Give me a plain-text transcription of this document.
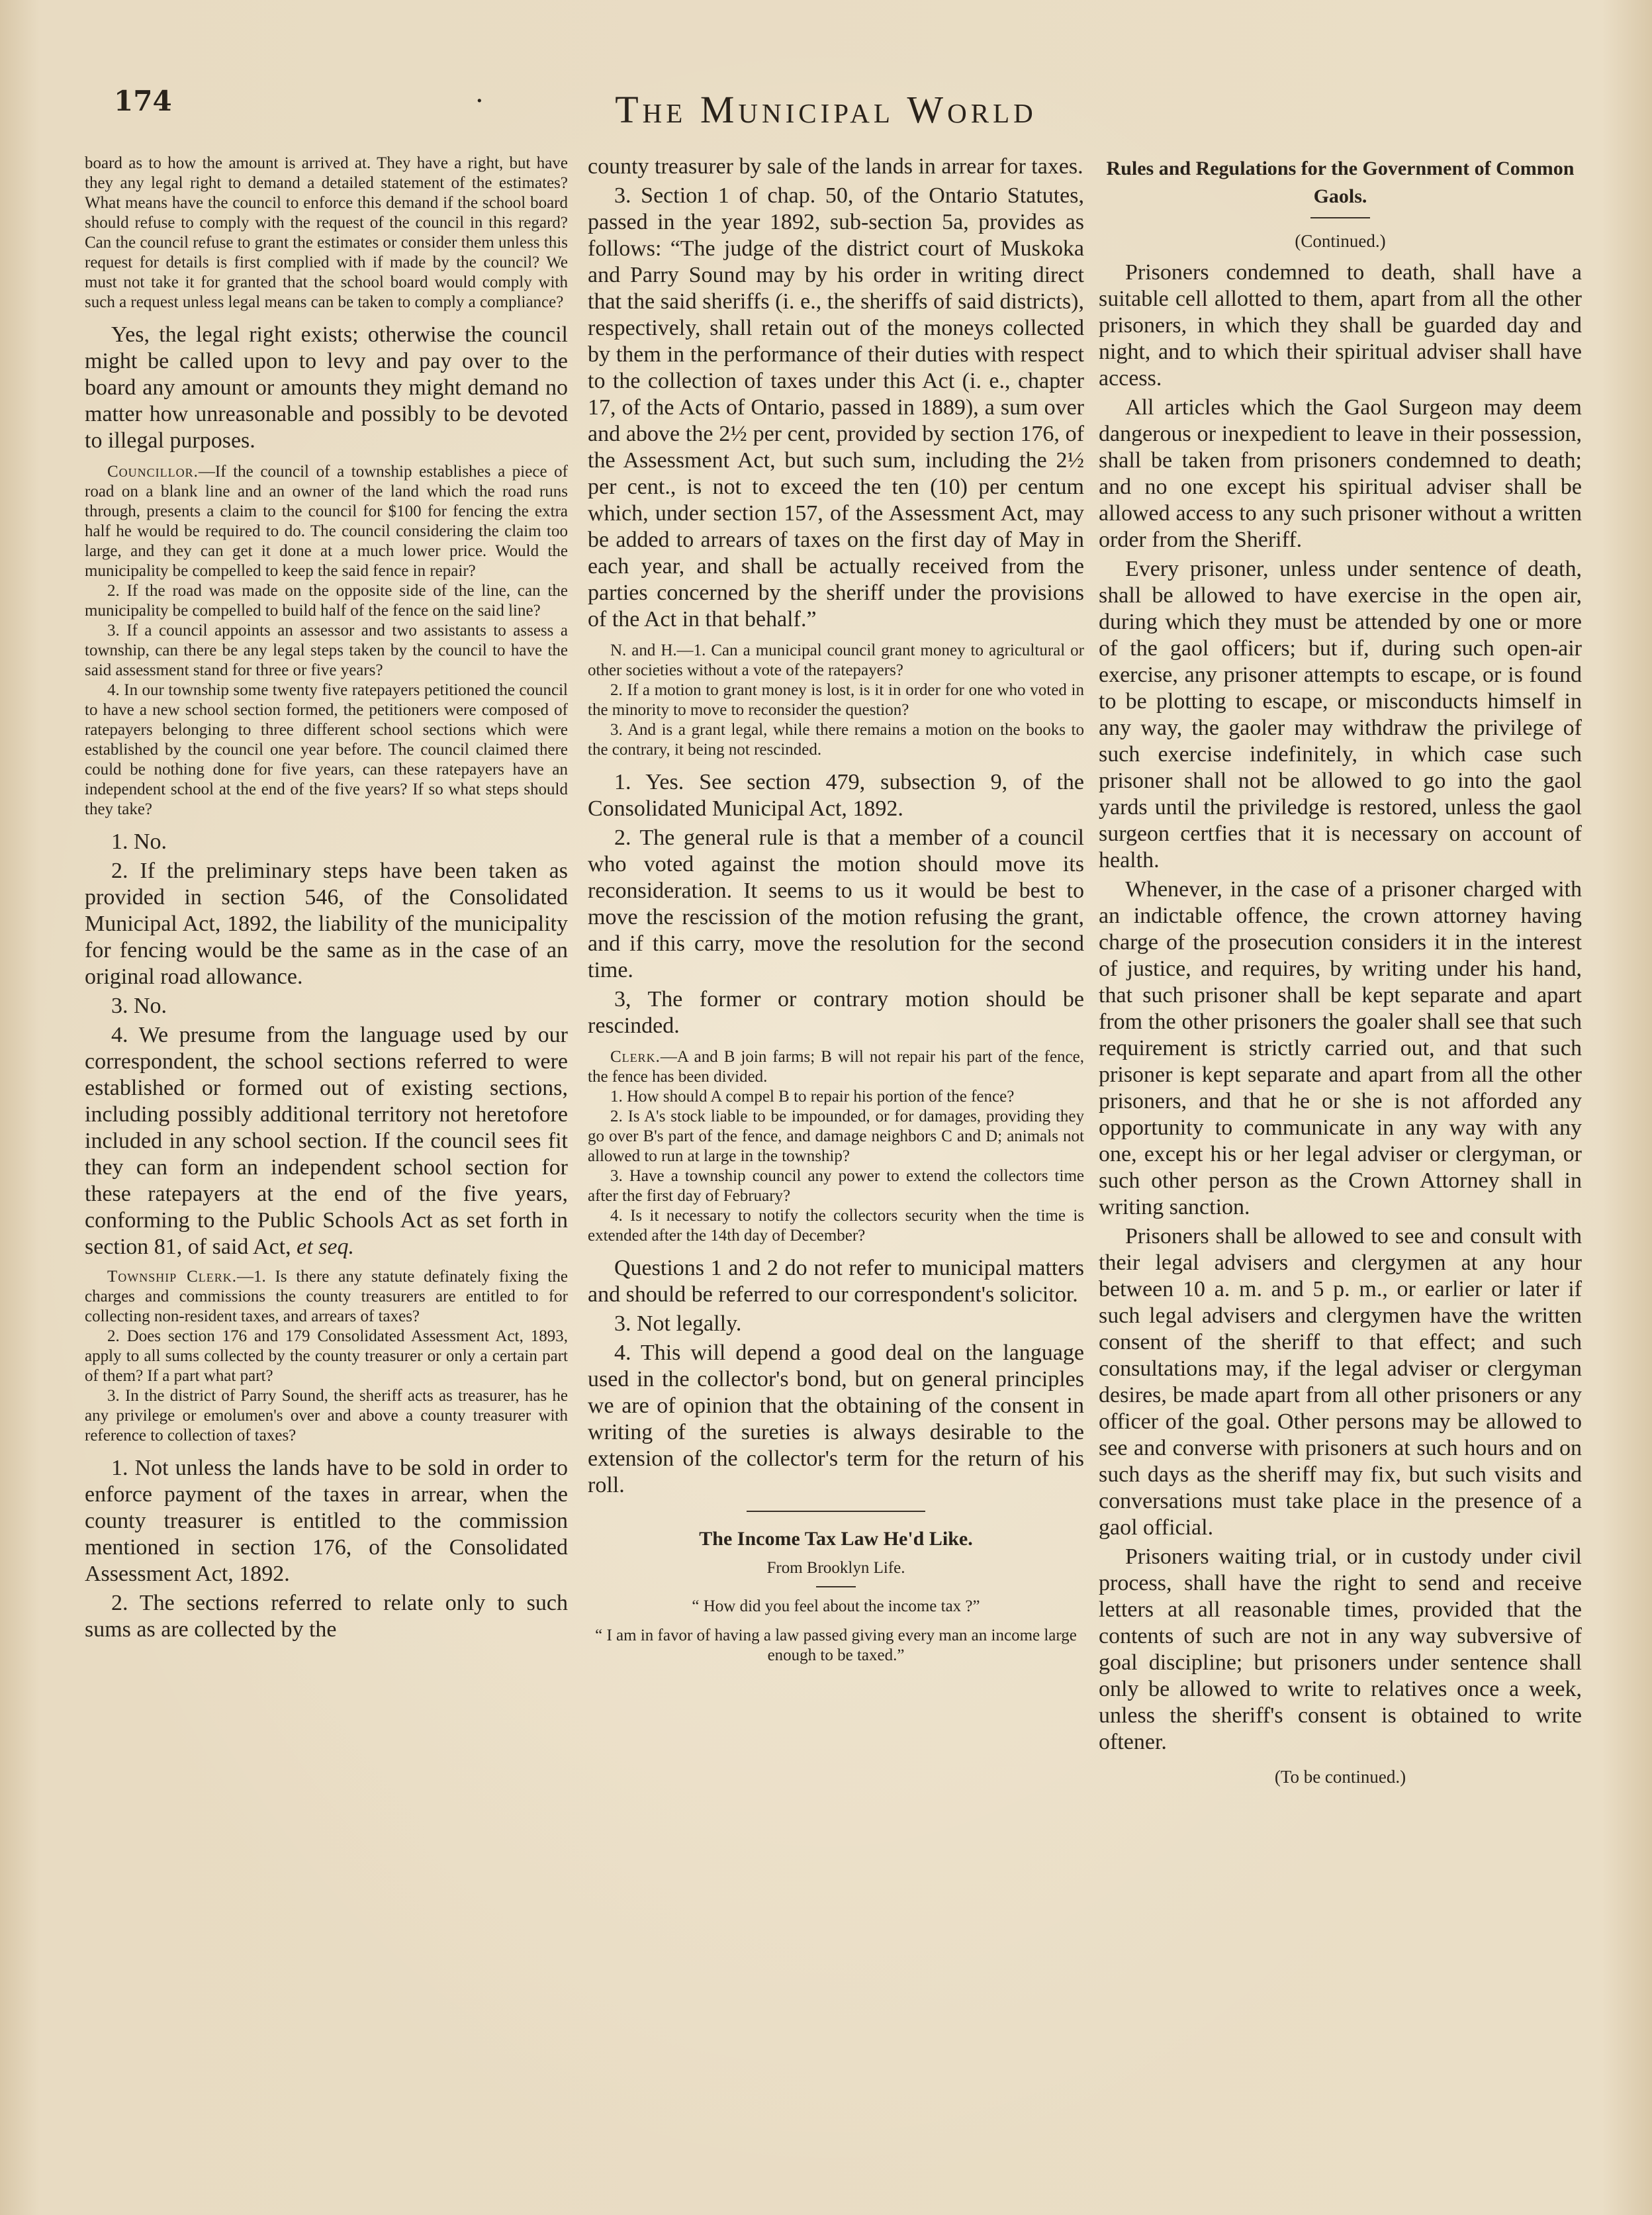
174	·	The Municipal World

board as to how the amount is arrived at. They have a right, but have they any legal right to demand a detailed statement of the estimates? What means have the council to enforce this demand if the school board should refuse to comply with the request of the council in this regard? Can the council refuse to grant the estimates or consider them unless this request for details is first complied with if made by the council? We must not take it for granted that the school board would comply with such a request unless legal means can be taken to comply a compliance?

Yes, the legal right exists; otherwise the council might be called upon to levy and pay over to the board any amount or amounts they might demand no matter how unreasonable and possibly to be devoted to illegal purposes.

Councillor.—If the council of a township establishes a piece of road on a blank line and an owner of the land which the road runs through, presents a claim to the council for $100 for fencing the extra half he would be required to do. The council considering the claim too large, and they can get it done at a much lower price. Would the municipality be compelled to keep the said fence in repair?

2. If the road was made on the opposite side of the line, can the municipality be compelled to build half of the fence on the said line?

3. If a council appoints an assessor and two assistants to assess a township, can there be any legal steps taken by the council to have the said assessment stand for three or five years?

4. In our township some twenty five ratepayers petitioned the council to have a new school section formed, the petitioners were composed of ratepayers belonging to three different school sections which were established by the council one year before. The council claimed there could be nothing done for five years, can these ratepayers have an independent school at the end of the five years? If so what steps should they take?

1. No.

2. If the preliminary steps have been taken as provided in section 546, of the Consolidated Municipal Act, 1892, the liability of the municipality for fencing would be the same as in the case of an original road allowance.

3. No.

4. We presume from the language used by our correspondent, the school sections referred to were established or formed out of existing sections, including possibly additional territory not heretofore included in any school section. If the council sees fit they can form an independent school section for these ratepayers at the end of the five years, conforming to the Public Schools Act as set forth in section 81, of said Act, et seq.

Township Clerk.—1. Is there any statute definately fixing the charges and commissions the county treasurers are entitled to for collecting non-resident taxes, and arrears of taxes?

2. Does section 176 and 179 Consolidated Assessment Act, 1893, apply to all sums collected by the county treasurer or only a certain part of them? If a part what part?

3. In the district of Parry Sound, the sheriff acts as treasurer, has he any privilege or emolumen's over and above a county treasurer with reference to collection of taxes?

1. Not unless the lands have to be sold in order to enforce payment of the taxes in arrear, when the county treasurer is entitled to the commission mentioned in section 176, of the Consolidated Assessment Act, 1892.

2. The sections referred to relate only to such sums as are collected by the

county treasurer by sale of the lands in arrear for taxes.

3. Section 1 of chap. 50, of the Ontario Statutes, passed in the year 1892, sub-section 5a, provides as follows: “The judge of the district court of Muskoka and Parry Sound may by his order in writing direct that the said sheriffs (i. e., the sheriffs of said districts), respectively, shall retain out of the moneys collected by them in the performance of their duties with respect to the collection of taxes under this Act (i. e., chapter 17, of the Acts of Ontario, passed in 1889), a sum over and above the 2½ per cent, provided by section 176, of the Assessment Act, but such sum, including the 2½ per cent., is not to exceed the ten (10) per centum which, under section 157, of the Assessment Act, may be added to arrears of taxes on the first day of May in each year, and shall be actually received from the parties concerned by the sheriff under the provisions of the Act in that behalf.”

N. and H.—1. Can a municipal council grant money to agricultural or other societies without a vote of the ratepayers?

2. If a motion to grant money is lost, is it in order for one who voted in the minority to move to reconsider the question?

3. And is a grant legal, while there remains a motion on the books to the contrary, it being not rescinded.

1. Yes. See section 479, subsection 9, of the Consolidated Municipal Act, 1892.

2. The general rule is that a member of a council who voted against the motion should move its reconsideration. It seems to us it would be best to move the rescission of the motion refusing the grant, and if this carry, move the resolution for the second time.

3, The former or contrary motion should be rescinded.

Clerk.—A and B join farms; B will not repair his part of the fence, the fence has been divided.

1. How should A compel B to repair his portion of the fence?

2. Is A's stock liable to be impounded, or for damages, providing they go over B's part of the fence, and damage neighbors C and D; animals not allowed to run at large in the township?

3. Have a township council any power to extend the collectors time after the first day of February?

4. Is it necessary to notify the collectors security when the time is extended after the 14th day of December?

Questions 1 and 2 do not refer to municipal matters and should be referred to our correspondent's solicitor.

3. Not legally.

4. This will depend a good deal on the language used in the collector's bond, but on general principles we are of opinion that the obtaining of the consent in writing of the sureties is always desirable to the extension of the collector's term for the return of his roll.

The Income Tax Law He'd Like.
From Brooklyn Life.

“ How did you feel about the income tax ?”

“ I am in favor of having a law passed giving every man an income large enough to be taxed.”

Rules and Regulations for the Government of Common Gaols.
(Continued.)

Prisoners condemned to death, shall have a suitable cell allotted to them, apart from all the other prisoners, in which they shall be guarded day and night, and to which their spiritual adviser shall have access.

All articles which the Gaol Surgeon may deem dangerous or inexpedient to leave in their possession, shall be taken from prisoners condemned to death; and no one except his spiritual adviser shall be allowed access to any such prisoner without a written order from the Sheriff.

Every prisoner, unless under sentence of death, shall be allowed to have exercise in the open air, during which they must be attended by one or more of the gaol officers; but if, during such open-air exercise, any prisoner attempts to escape, or is found to be plotting to escape, or misconducts himself in any way, the gaoler may withdraw the privilege of such exercise indefinitely, in which case such prisoner shall not be allowed to go into the gaol yards until the priviledge is restored, unless the gaol surgeon certfies that it is necessary on account of health.

Whenever, in the case of a prisoner charged with an indictable offence, the crown attorney having charge of the prosecution considers it in the interest of justice, and requires, by writing under his hand, that such prisoner shall be kept separate and apart from the other prisoners the goaler shall see that such requirement is strictly carried out, and that such prisoner is kept separate and apart from all the other prisoners, and that he or she is not afforded any opportunity to communicate in any way with any one, except his or her legal adviser or clergyman, or such other person as the Crown Attorney shall in writing sanction.

Prisoners shall be allowed to see and consult with their legal advisers and clergymen at any hour between 10 a. m. and 5 p. m., or earlier or later if such legal advisers and clergymen have the written consent of the sheriff to that effect; and such consultations may, if the legal adviser or clergyman desires, be made apart from all other prisoners or any officer of the goal. Other persons may be allowed to see and converse with prisoners at such hours and on such days as the sheriff may fix, but such visits and conversations must take place in the presence of a gaol official.

Prisoners waiting trial, or in custody under civil process, shall have the right to send and receive letters at all reasonable times, provided that the contents of such are not in any way subversive of goal discipline; but prisoners under sentence shall only be allowed to write to relatives once a week, unless the sheriff's consent is obtained to write oftener.

(To be continued.)
